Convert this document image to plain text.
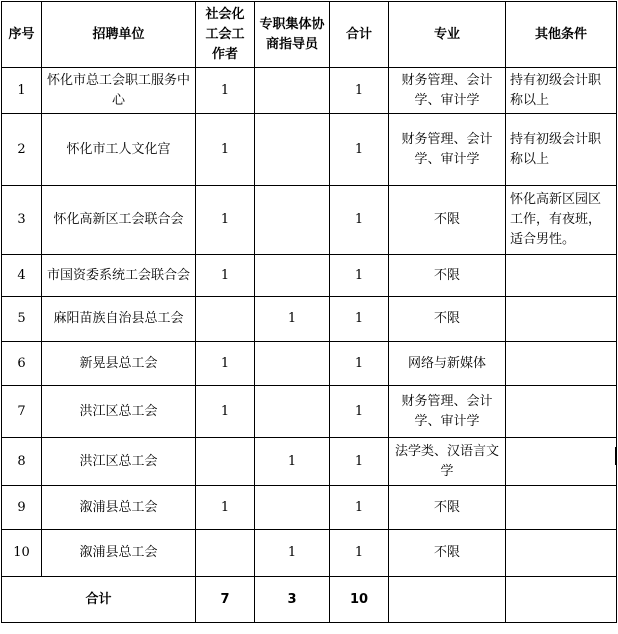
序号	招聘单位	社会化工会工作者	专职集体协商指导员	合计	专业	其他条件
1	怀化市总工会职工服务中心	1		1	财务管理、会计学、审计学	持有初级会计职称以上
2	怀化市工人文化宫	1		1	财务管理、会计学、审计学	持有初级会计职称以上
3	怀化高新区工会联合会	1		1	不限	怀化高新区园区工作，有夜班，适合男性。
4	市国资委系统工会联合会	1		1	不限	
5	麻阳苗族自治县总工会		1	1	不限	
6	新晃县总工会	1		1	网络与新媒体	
7	洪江区总工会	1		1	财务管理、会计学、审计学	
8	洪江区总工会		1	1	法学类、汉语言文学	
9	溆浦县总工会	1		1	不限	
10	溆浦县总工会		1	1	不限	
合计		7	3	10		
